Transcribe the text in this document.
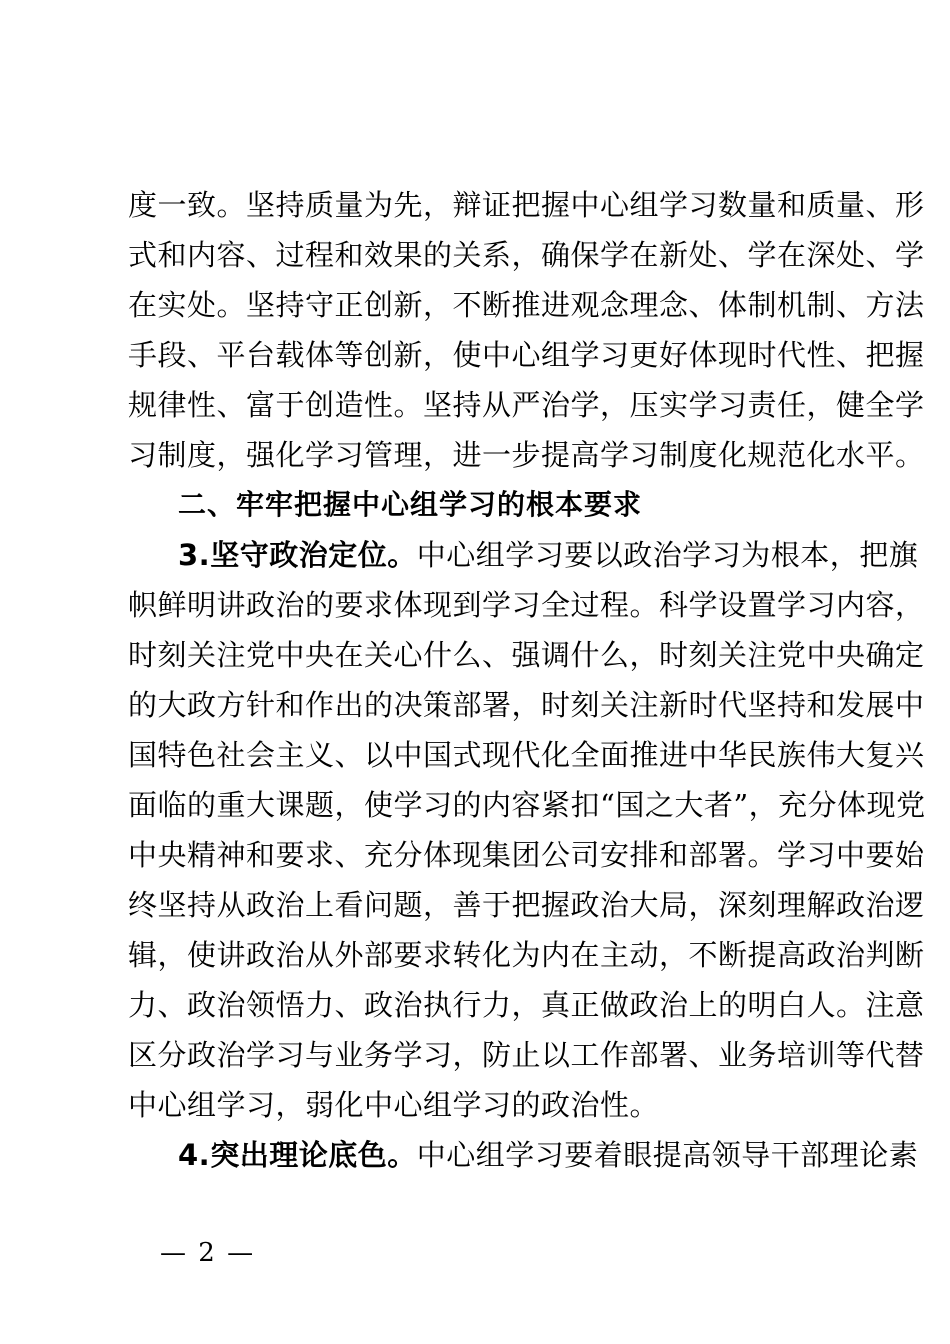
度一致。坚持质量为先，辩证把握中心组学习数量和质量、形
式和内容、过程和效果的关系，确保学在新处、学在深处、学
在实处。坚持守正创新，不断推进观念理念、体制机制、方法
手段、平台载体等创新，使中心组学习更好体现时代性、把握
规律性、富于创造性。坚持从严治学，压实学习责任，健全学
习制度，强化学习管理，进一步提高学习制度化规范化水平。
二、牢牢把握中心组学习的根本要求
3.坚守政治定位。中心组学习要以政治学习为根本，把旗
帜鲜明讲政治的要求体现到学习全过程。科学设置学习内容，
时刻关注党中央在关心什么、强调什么，时刻关注党中央确定
的大政方针和作出的决策部署，时刻关注新时代坚持和发展中
国特色社会主义、以中国式现代化全面推进中华民族伟大复兴
面临的重大课题，使学习的内容紧扣“国之大者”，充分体现党
中央精神和要求、充分体现集团公司安排和部署。学习中要始
终坚持从政治上看问题，善于把握政治大局，深刻理解政治逻
辑，使讲政治从外部要求转化为内在主动，不断提高政治判断
力、政治领悟力、政治执行力，真正做政治上的明白人。注意
区分政治学习与业务学习，防止以工作部署、业务培训等代替
中心组学习，弱化中心组学习的政治性。
4.突出理论底色。中心组学习要着眼提高领导干部理论素
— 2 —
